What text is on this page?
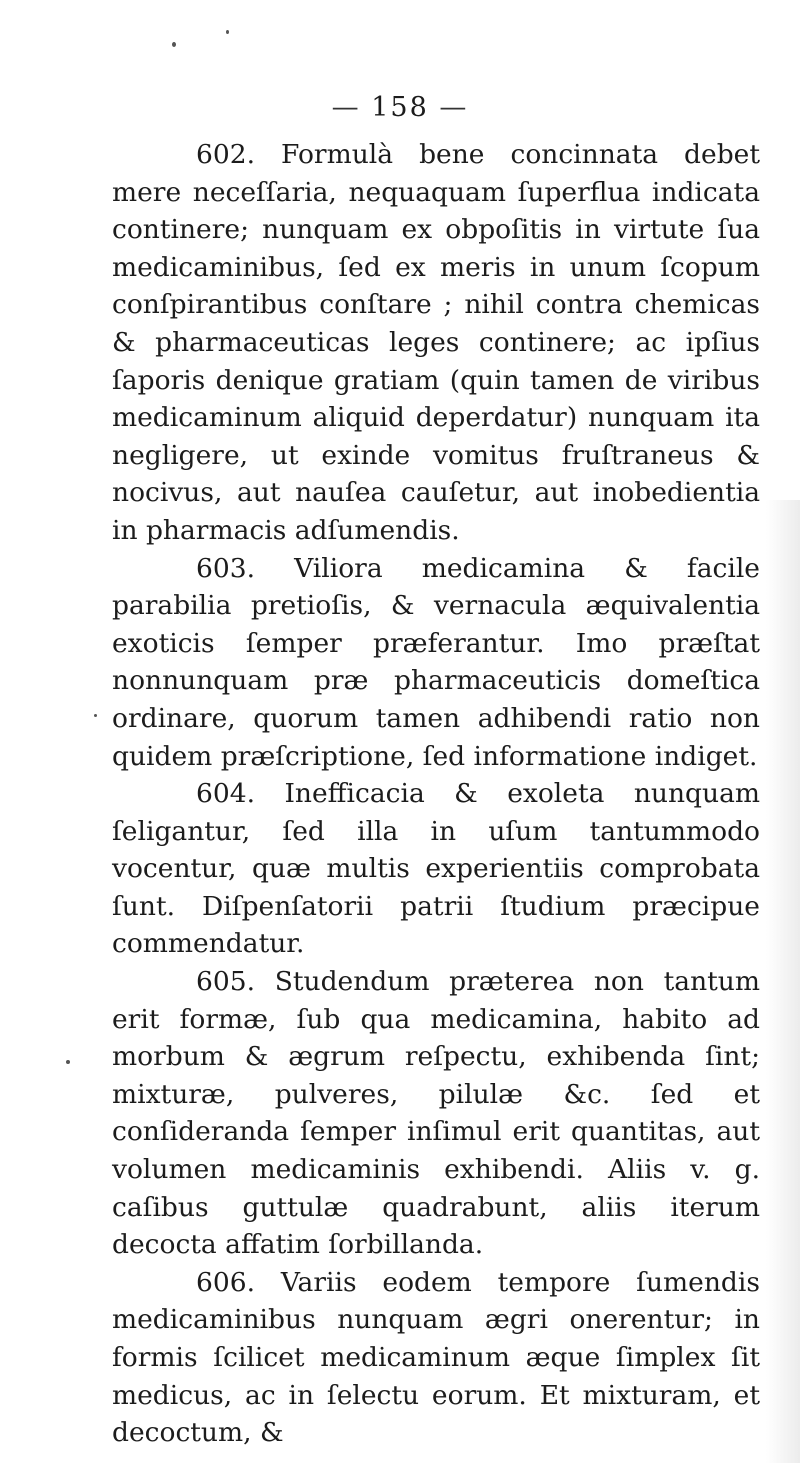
— 158 —

602. Formulà bene concinnata debet mere neceſſaria, nequaquam ſuperflua indicata continere; nunquam ex obpoſitis in virtute ſua medicaminibus, ſed ex meris in unum ſcopum conſpirantibus conſtare ; nihil contra chemicas & pharmaceuticas leges continere; ac ipſius ſaporis denique gratiam (quin tamen de viribus medicaminum aliquid deperdatur) nunquam ita negligere, ut exinde vomitus fruſtraneus & nocivus, aut nauſea cauſetur, aut inobedientia in pharmacis adſumendis.

603. Viliora medicamina & facile parabilia pretioſis, & vernacula æquivalentia exoticis ſemper præferantur. Imo præſtat nonnunquam præ pharmaceuticis domeſtica ordinare, quorum tamen adhibendi ratio non quidem præſcriptione, ſed informatione indiget.

604. Inefficacia & exoleta nunquam ſeligantur, ſed illa in uſum tantummodo vocentur, quæ multis experientiis comprobata ſunt. Diſpenſatorii patrii ſtudium præcipue commendatur.

605. Studendum præterea non tantum erit formæ, ſub qua medicamina, habito ad morbum & ægrum reſpectu, exhibenda ſint; mixturæ, pulveres, pilulæ &c. ſed et conſideranda ſemper inſimul erit quantitas, aut volumen medicaminis exhibendi. Aliis v. g. caſibus guttulæ quadrabunt, aliis iterum decocta affatim ſorbillanda.

606. Variis eodem tempore ſumendis medicaminibus nunquam ægri onerentur; in formis ſcilicet medicaminum æque ſimplex ſit medicus, ac in ſelectu eorum. Et mixturam, et decoctum, &
